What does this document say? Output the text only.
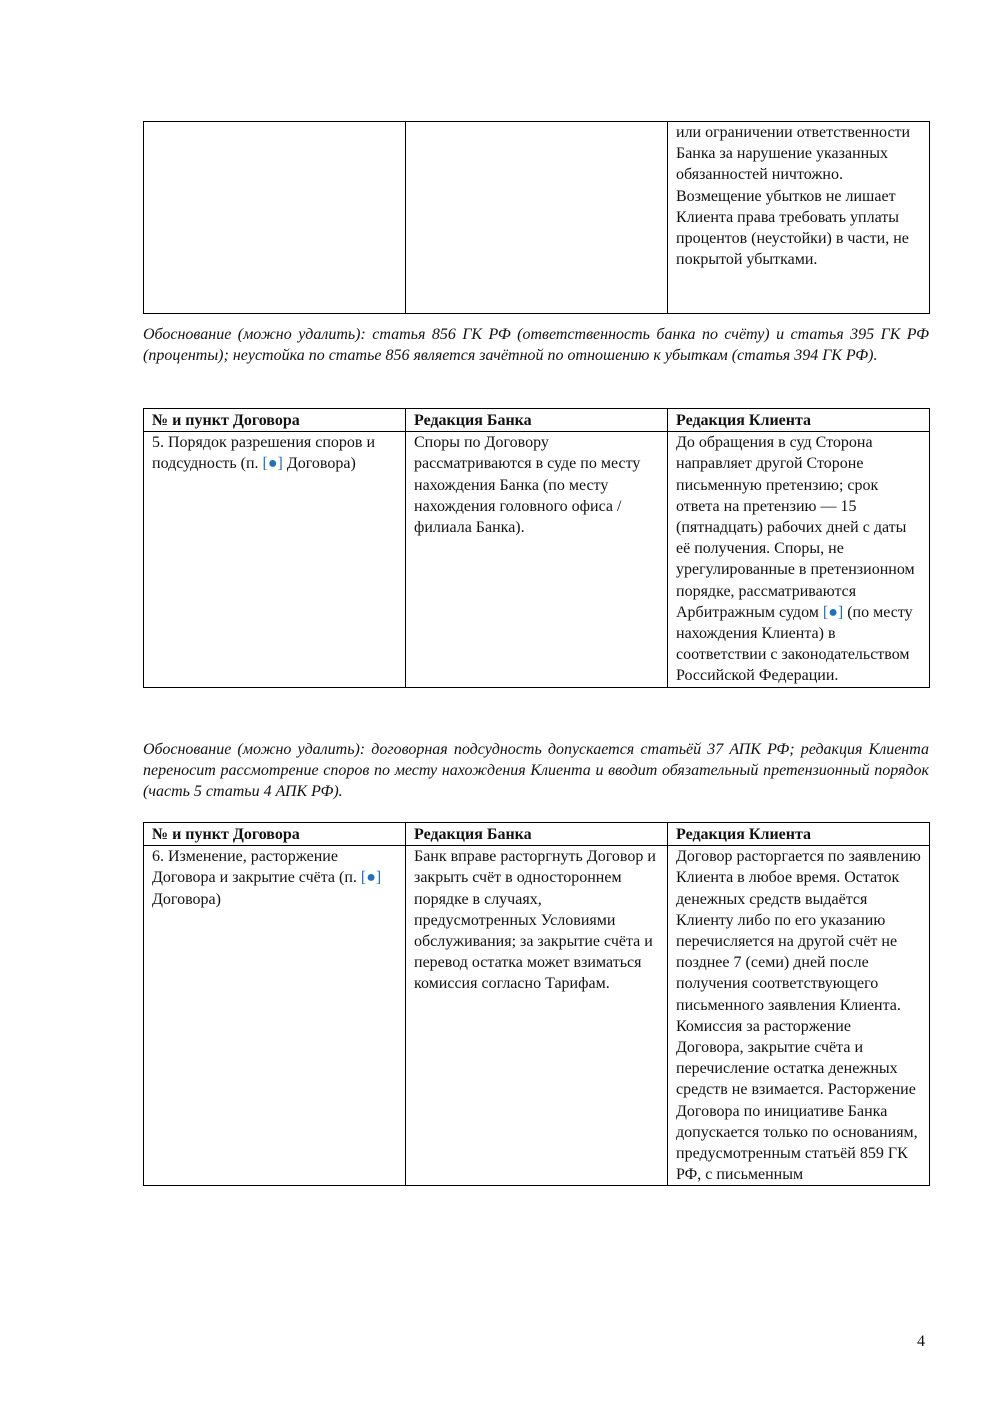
		или ограничении ответственности Банка за нарушение указанных обязанностей ничтожно. Возмещение убытков не лишает Клиента права требовать уплаты процентов (неустойки) в части, не покрытой убытками.
Обоснование (можно удалить): статья 856 ГК РФ (ответственность банка по счёту) и статья 395 ГК РФ (проценты); неустойка по статье 856 является зачётной по отношению к убыткам (статья 394 ГК РФ).
№ и пункт Договора	Редакция Банка	Редакция Клиента
5. Порядок разрешения споров и подсудность (п. [●] Договора)	Споры по Договору рассматриваются в суде по месту нахождения Банка (по месту нахождения головного офиса / филиала Банка).	До обращения в суд Сторона направляет другой Стороне письменную претензию; срок ответа на претензию — 15 (пятнадцать) рабочих дней с даты её получения. Споры, не урегулированные в претензионном порядке, рассматриваются Арбитражным судом [●] (по месту нахождения Клиента) в соответствии с законодательством Российской Федерации.
Обоснование (можно удалить): договорная подсудность допускается статьёй 37 АПК РФ; редакция Клиента переносит рассмотрение споров по месту нахождения Клиента и вводит обязательный претензионный порядок (часть 5 статьи 4 АПК РФ).
№ и пункт Договора	Редакция Банка	Редакция Клиента
6. Изменение, расторжение Договора и закрытие счёта (п. [●] Договора)	Банк вправе расторгнуть Договор и закрыть счёт в одностороннем порядке в случаях, предусмотренных Условиями обслуживания; за закрытие счёта и перевод остатка может взиматься комиссия согласно Тарифам.	Договор расторгается по заявлению Клиента в любое время. Остаток денежных средств выдаётся Клиенту либо по его указанию перечисляется на другой счёт не позднее 7 (семи) дней после получения соответствующего письменного заявления Клиента. Комиссия за расторжение Договора, закрытие счёта и перечисление остатка денежных средств не взимается. Расторжение Договора по инициативе Банка допускается только по основаниям, предусмотренным статьёй 859 ГК РФ, с письменным
4
